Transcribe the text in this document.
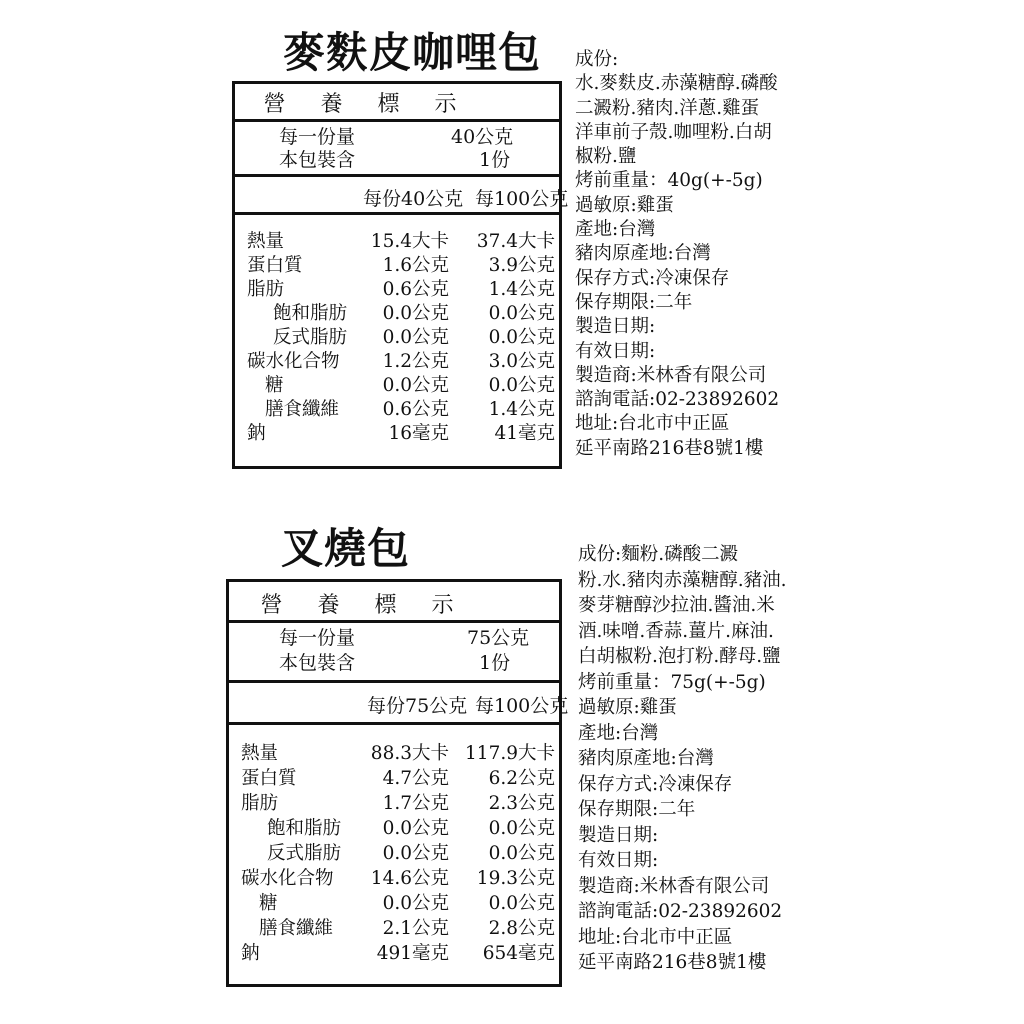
麥麩皮咖哩包
營 養 標 示
每一份量	40公克
本包裝含	1份
每份40公克 每100公克
熱量	15.4大卡 37.4大卡
蛋白質	1.6公克 3.9公克
脂肪	0.6公克 1.4公克
飽和脂肪 0.0公克 0.0公克
反式脂肪 0.0公克 0.0公克
碳水化合物 1.2公克 3.0公克
糖	0.0公克 0.0公克
膳食纖維 0.6公克 1.4公克
鈉	16毫克 41毫克
成份:
水.麥麩皮.赤藻糖醇.磷酸
二澱粉.豬肉.洋蔥.雞蛋
洋車前子殼.咖哩粉.白胡
椒粉.鹽
烤前重量：40g(+-5g)
過敏原:雞蛋
產地:台灣
豬肉原產地:台灣
保存方式:冷凍保存
保存期限:二年
製造日期:
有效日期:
製造商:米林香有限公司
諮詢電話:02-23892602
地址:台北市中正區
延平南路216巷8號1樓
叉燒包
營 養 標 示
每一份量	75公克
本包裝含	1份
每份75公克 每100公克
熱量	88.3大卡 117.9大卡
蛋白質	4.7公克 6.2公克
脂肪	1.7公克 2.3公克
飽和脂肪 0.0公克 0.0公克
反式脂肪 0.0公克 0.0公克
碳水化合物 14.6公克 19.3公克
糖	0.0公克 0.0公克
膳食纖維	2.1公克 2.8公克
鈉	491毫克 654毫克
成份:麵粉.磷酸二澱
粉.水.豬肉赤藻糖醇.豬油.
麥芽糖醇沙拉油.醬油.米
酒.味噌.香蒜.薑片.麻油.
白胡椒粉.泡打粉.酵母.鹽
烤前重量：75g(+-5g)
過敏原:雞蛋
產地:台灣
豬肉原產地:台灣
保存方式:冷凍保存
保存期限:二年
製造日期:
有效日期:
製造商:米林香有限公司
諮詢電話:02-23892602
地址:台北市中正區
延平南路216巷8號1樓
